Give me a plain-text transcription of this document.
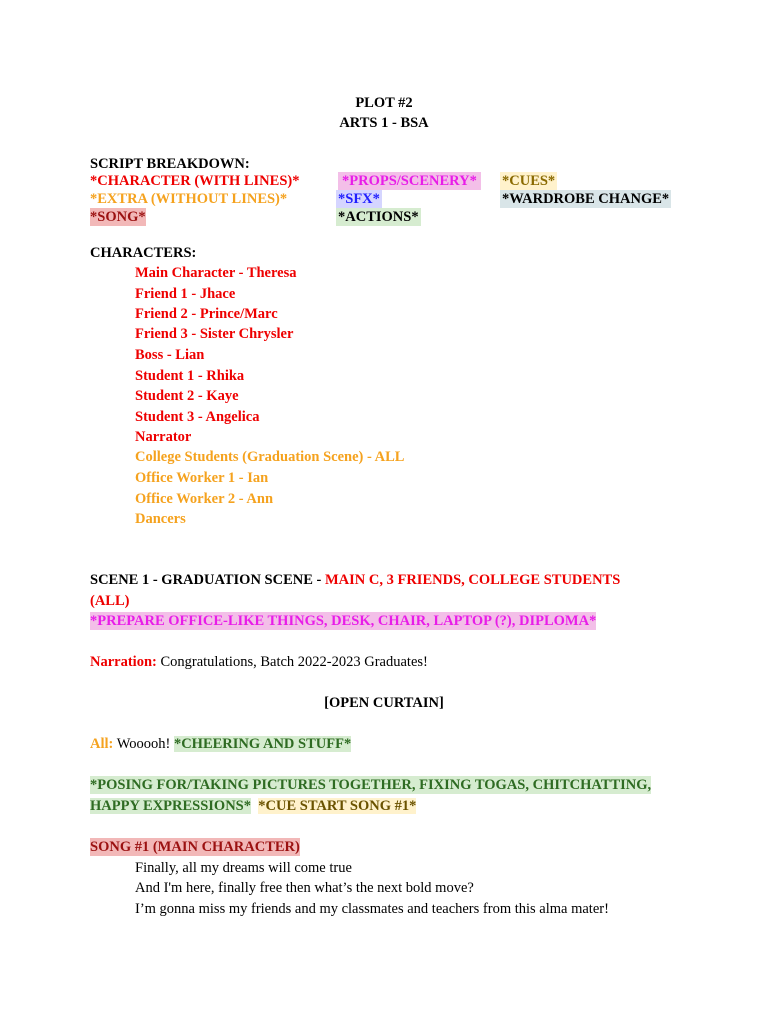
PLOT #2
ARTS 1 - BSA
SCRIPT BREAKDOWN:
*CHARACTER (WITH LINES)*	*PROPS/SCENERY* *CUES*
*EXTRA (WITHOUT LINES)*	*SFX*	*WARDROBE CHANGE*
*SONG*	*ACTIONS*
CHARACTERS:
Main Character - Theresa
Friend 1 - Jhace
Friend 2 - Prince/Marc
Friend 3 - Sister Chrysler
Boss - Lian
Student 1 - Rhika
Student 2 - Kaye
Student 3 - Angelica
Narrator
College Students (Graduation Scene) - ALL
Office Worker 1 - Ian
Office Worker 2 - Ann
Dancers
SCENE 1 - GRADUATION SCENE - MAIN C, 3 FRIENDS, COLLEGE STUDENTS
(ALL)
*PREPARE OFFICE-LIKE THINGS, DESK, CHAIR, LAPTOP (?), DIPLOMA*
Narration: Congratulations, Batch 2022-2023 Graduates!
[OPEN CURTAIN]
All: Wooooh! *CHEERING AND STUFF*
*POSING FOR/TAKING PICTURES TOGETHER, FIXING TOGAS, CHITCHATTING,
HAPPY EXPRESSIONS* *CUE START SONG #1*
SONG #1 (MAIN CHARACTER)
Finally, all my dreams will come true
And I'm here, finally free then what’s the next bold move?
I’m gonna miss my friends and my classmates and teachers from this alma mater!
